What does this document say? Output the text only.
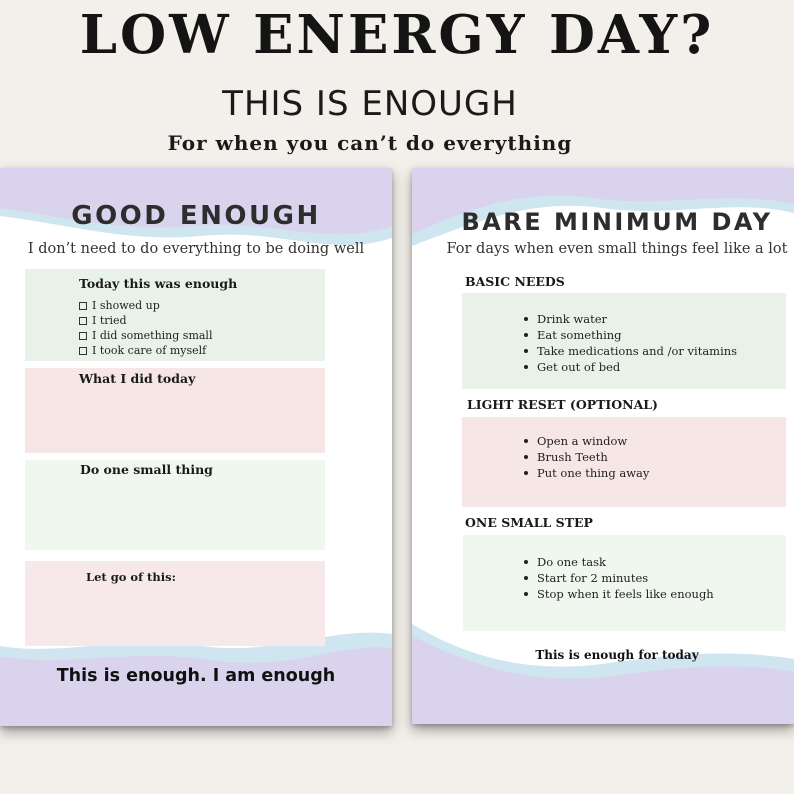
LOW ENERGY DAY?
THIS IS ENOUGH
For when you can’t do everything
GOOD ENOUGH
I don’t need to do everything to be doing well
Today this was enough
I showed up
I tried
I did something small
I took care of myself
What I did today
Do one small thing
Let go of this:
This is enough. I am enough
BARE MINIMUM DAY
For days when even small things feel like a lot
BASIC NEEDS
Drink water
Eat something
Take medications and /or vitamins
Get out of bed
LIGHT RESET (OPTIONAL)
Open a window
Brush Teeth
Put one thing away
ONE SMALL STEP
Do one task
Start for 2 minutes
Stop when it feels like enough
This is enough for today
